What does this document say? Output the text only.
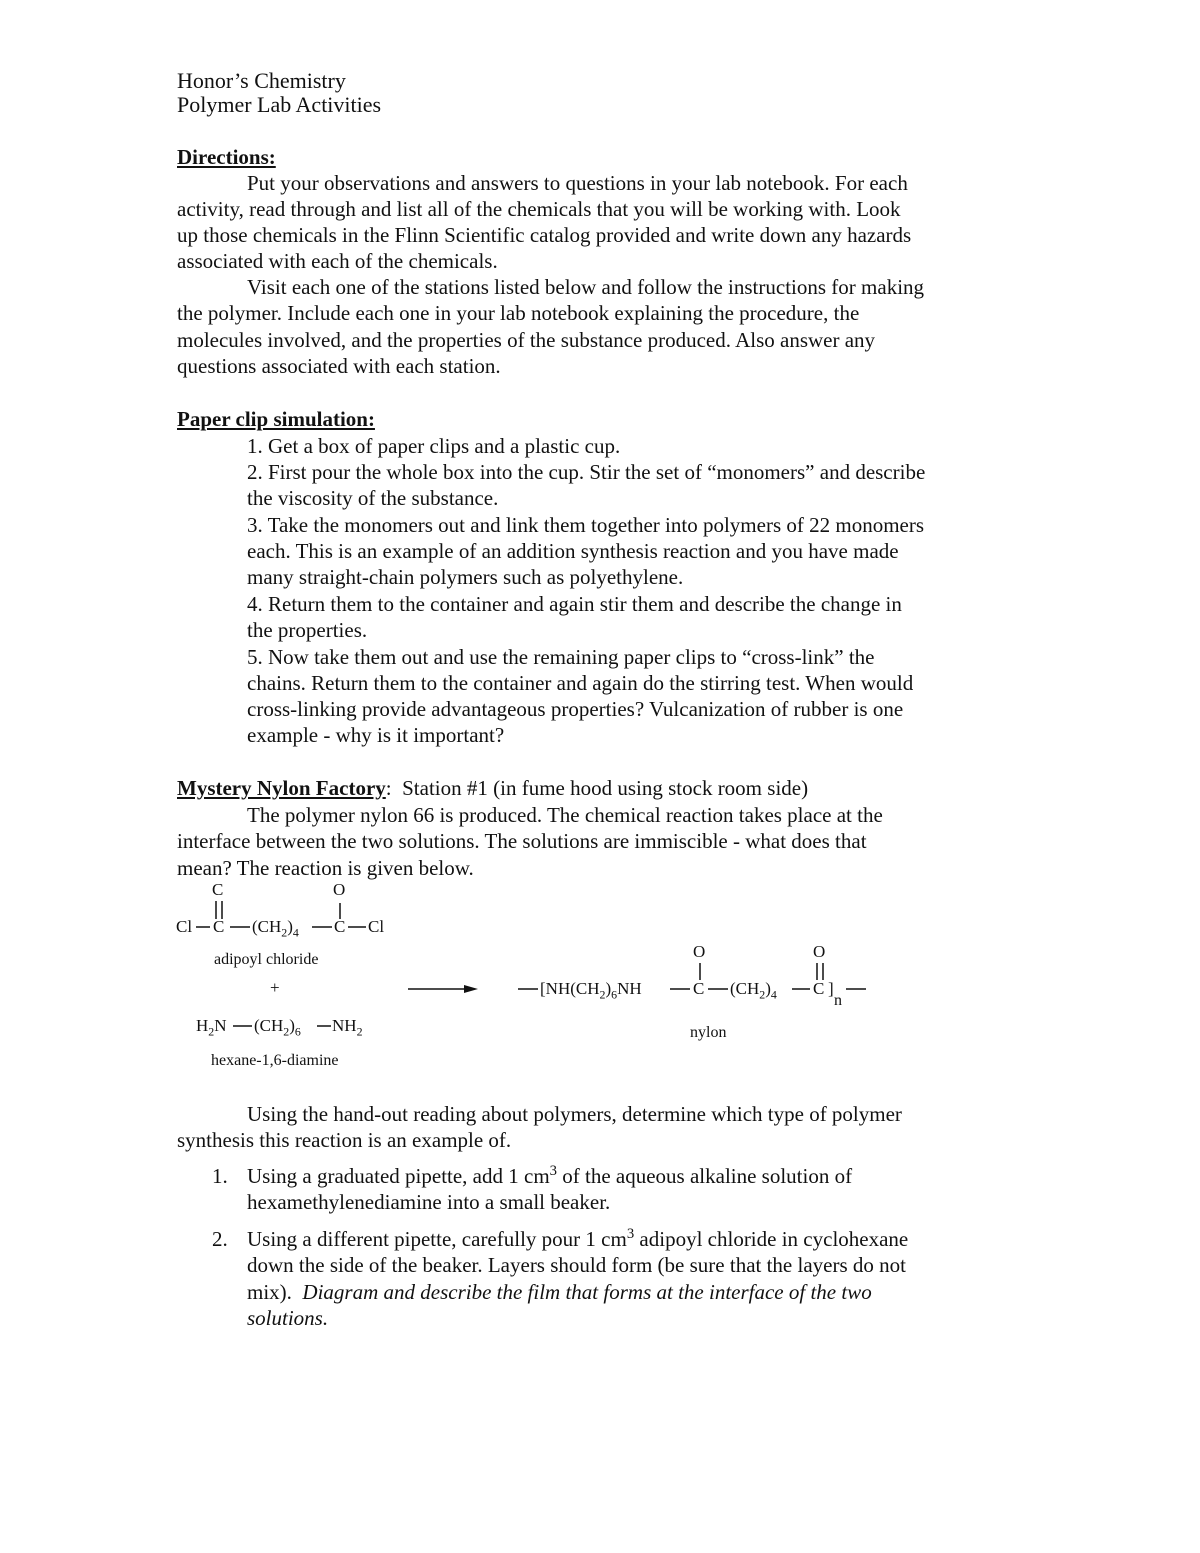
Honor’s Chemistry
Polymer Lab Activities
Directions:
Put your observations and answers to questions in your lab notebook. For each
activity, read through and list all of the chemicals that you will be working with. Look
up those chemicals in the Flinn Scientific catalog provided and write down any hazards
associated with each of the chemicals.
Visit each one of the stations listed below and follow the instructions for making
the polymer. Include each one in your lab notebook explaining the procedure, the
molecules involved, and the properties of the substance produced. Also answer any
questions associated with each station.
Paper clip simulation:
1. Get a box of paper clips and a plastic cup.
2. First pour the whole box into the cup. Stir the set of “monomers” and describe
the viscosity of the substance.
3. Take the monomers out and link them together into polymers of 22 monomers
each. This is an example of an addition synthesis reaction and you have made
many straight-chain polymers such as polyethylene.
4. Return them to the container and again stir them and describe the change in
the properties.
5. Now take them out and use the remaining paper clips to “cross-link” the
chains. Return them to the container and again do the stirring test. When would
cross-linking provide advantageous properties? Vulcanization of rubber is one
example - why is it important?
Mystery Nylon Factory:  Station #1 (in fume hood using stock room side)
The polymer nylon 66 is produced. The chemical reaction takes place at the
interface between the two solutions. The solutions are immiscible - what does that
mean? The reaction is given below.
C	O
Cl C $(CH_2)_4$ C Cl
adipoyl chloride
+
$H_2N$ $(CH_2)_6$ $NH_2$
hexane-1,6-diamine
O	O
[$NH(CH_2)_6NH$	C $(CH_2)_4$ C ]
n
nylon
Using the hand-out reading about polymers, determine which type of polymer
synthesis this reaction is an example of.
1. Using a graduated pipette, add 1 $cm^3$ of the aqueous alkaline solution of
hexamethylenediamine into a small beaker.
2. Using a different pipette, carefully pour 1 $cm^3$ adipoyl chloride in cyclohexane
down the side of the beaker. Layers should form (be sure that the layers do not
mix).  Diagram and describe the film that forms at the interface of the two
solutions.
